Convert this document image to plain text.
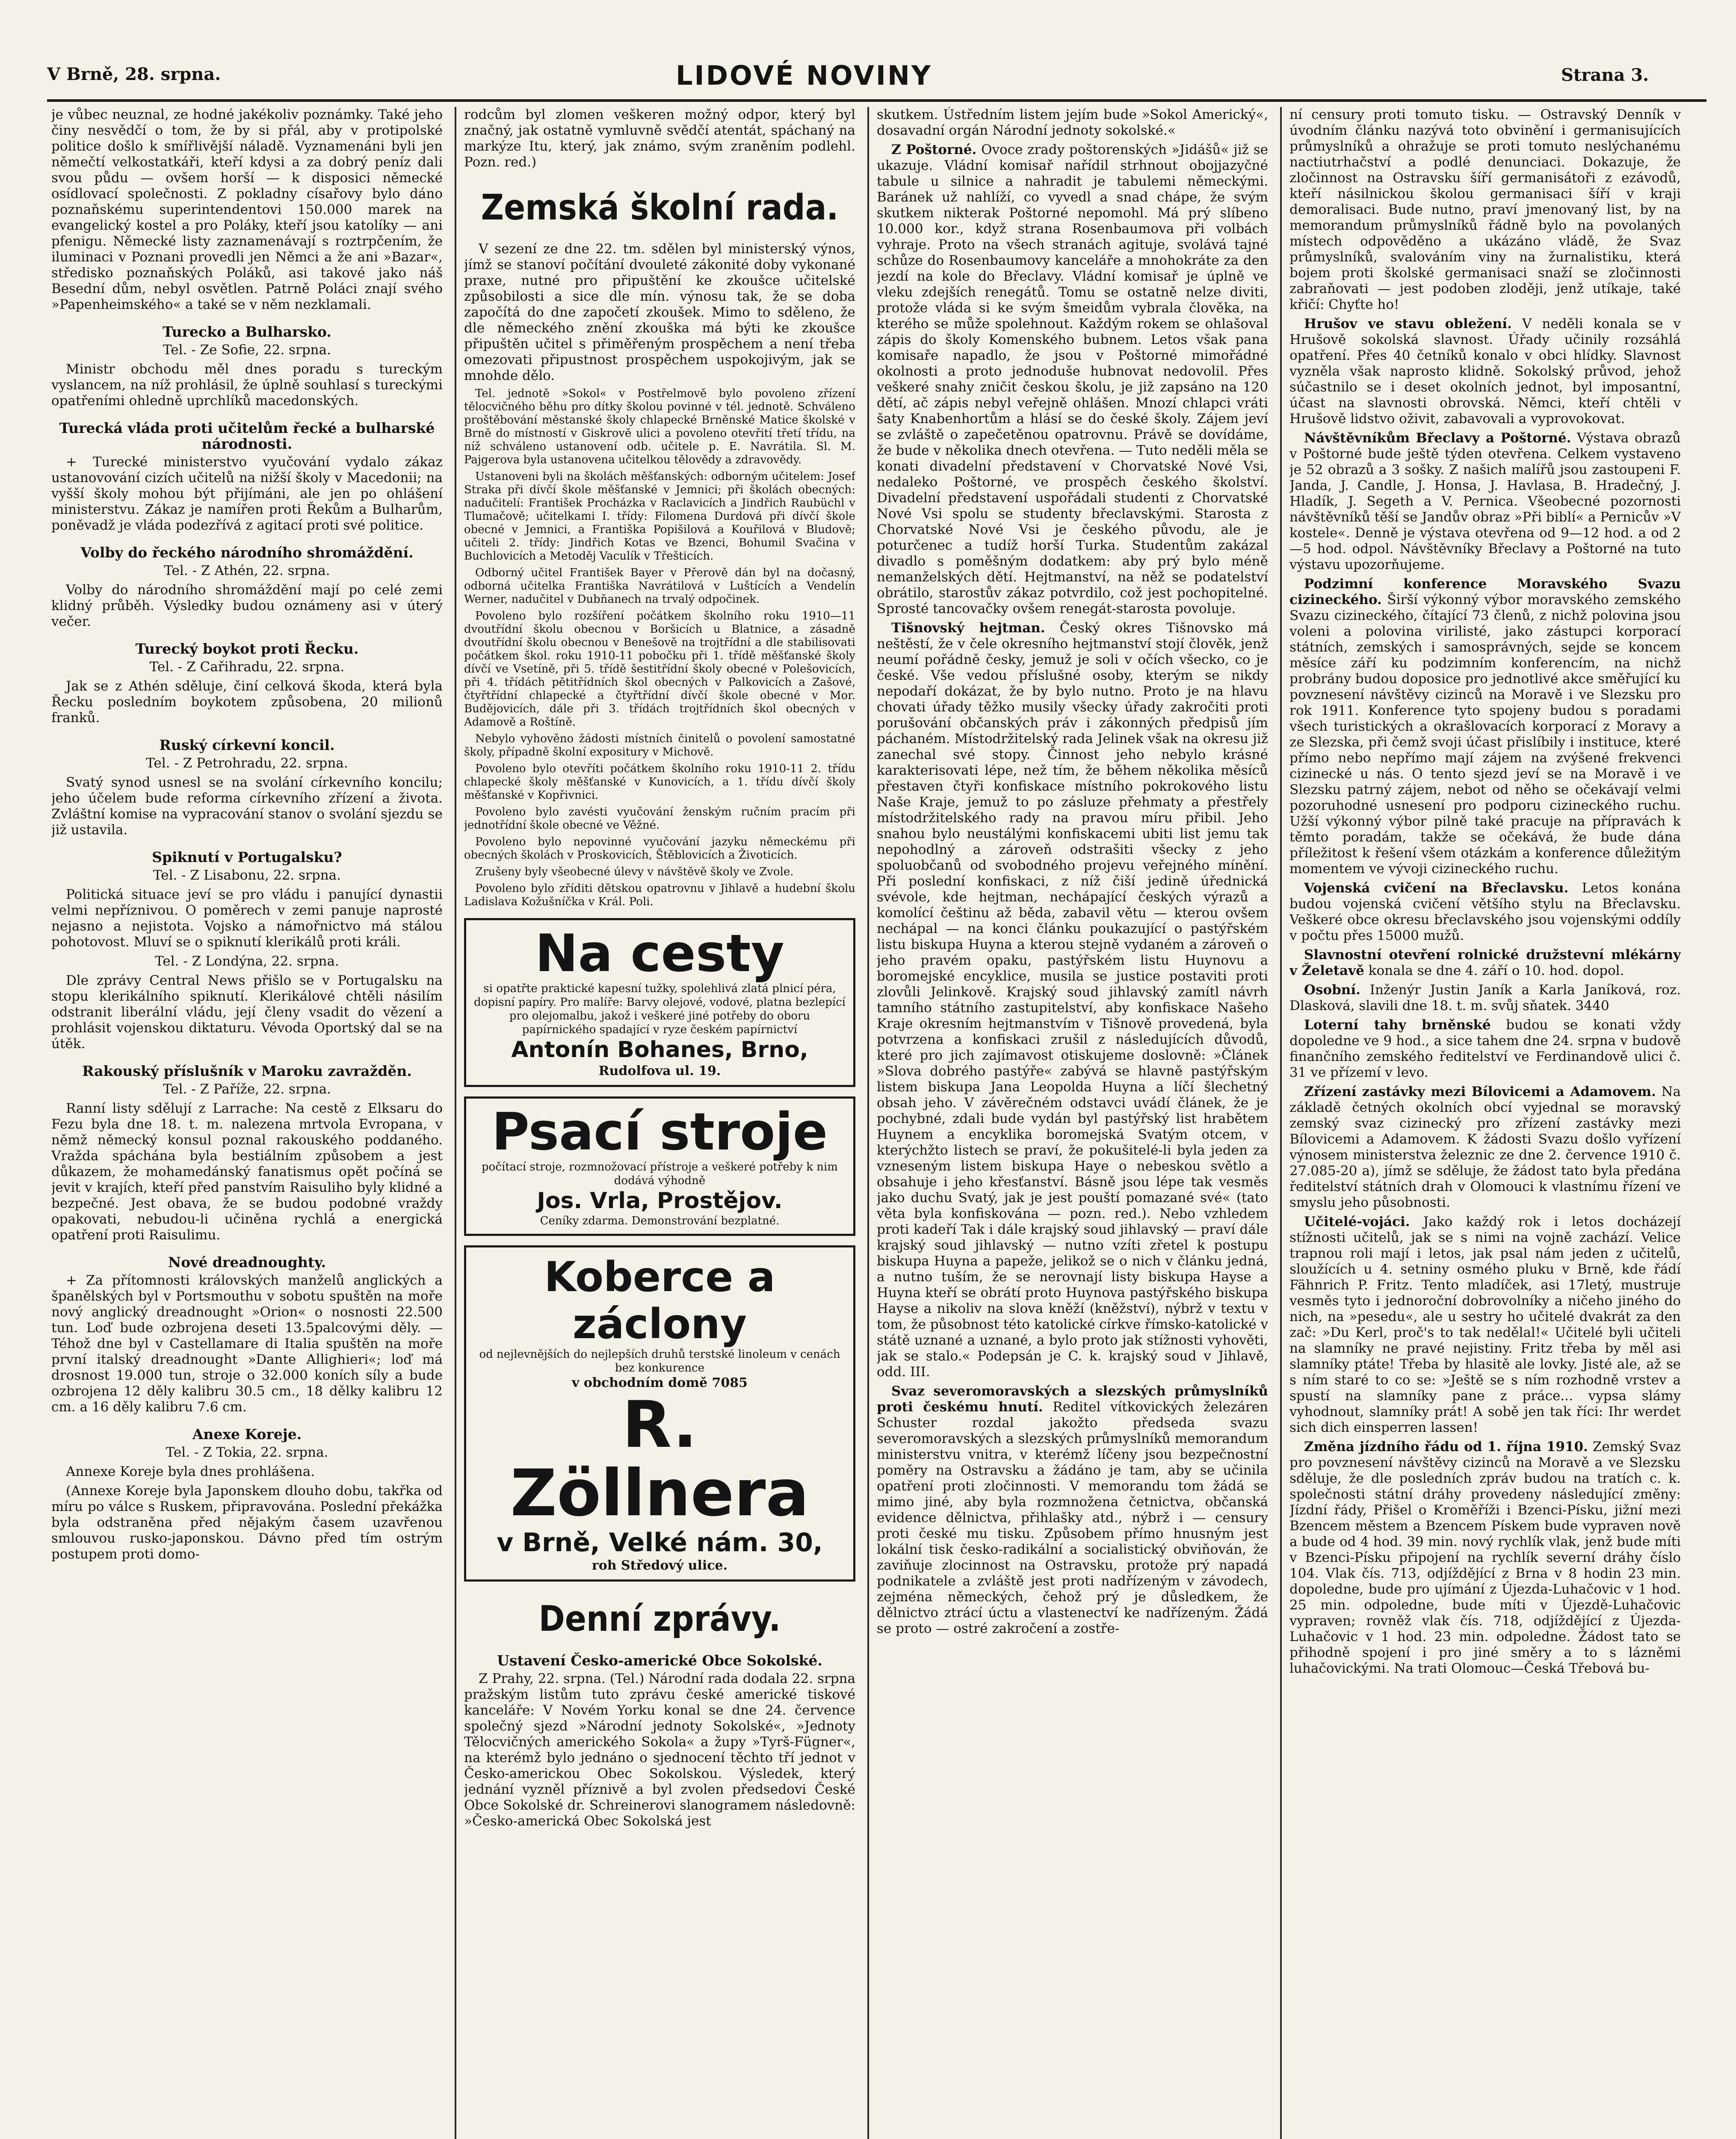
V Brně, 28. srpna.	LIDOVÉ NOVINY	Strana 3.

je vůbec neuznal, ze hodné jakékoliv poznámky. Také jeho činy nesvědčí o tom, že by si přál, aby v protipolské politice došlo k smířlivější náladě. Vyznamenáni byli jen němečtí velkostatkáři, kteří kdysi a za dobrý peníz dali svou půdu — ovšem horší — k disposici německé osídlovací společnosti. Z pokladny císařovy bylo dáno poznaňskému superintendentovi 150.000 marek na evangelický kostel a pro Poláky, kteří jsou katolíky — ani pfenigu. Německé listy zaznamenávají s roztrpčením, že iluminaci v Poznani provedli jen Němci a že ani »Bazar«, středisko poznaňských Poláků, asi takové jako náš Besední dům, nebyl osvětlen. Patrně Poláci znají svého »Papenheimského« a také se v něm nezklamali.

Turecko a Bulharsko.
Tel. - Ze Sofie, 22. srpna.

Ministr obchodu měl dnes poradu s tureckým vyslancem, na níž prohlásil, že úplně souhlasí s tureckými opatřeními ohledně uprchlíků macedonských.

Turecká vláda proti učitelům řecké a bulharské národnosti.

+ Turecké ministerstvo vyučování vydalo zákaz ustanovování cizích učitelů na nižší školy v Macedonii; na vyšší školy mohou být přijímáni, ale jen po ohlášení ministerstvu. Zákaz je namířen proti Řekům a Bulharům, poněvadž je vláda podezřívá z agitací proti své politice.

Volby do řeckého národního shromáždění.
Tel. - Z Athén, 22. srpna.

Volby do národního shromáždění mají po celé zemi klidný průběh. Výsledky budou oznámeny asi v úterý večer.

Turecký boykot proti Řecku.
Tel. - Z Cařihradu, 22. srpna.

Jak se z Athén sděluje, činí celková škoda, která byla Řecku posledním boykotem způsobena, 20 milionů franků.

Ruský církevní koncil.
Tel. - Z Petrohradu, 22. srpna.

Svatý synod usnesl se na svolání církevního koncilu; jeho účelem bude reforma církevního zřízení a života. Zvláštní komise na vypracování stanov o svolání sjezdu se již ustavila.

Spiknutí v Portugalsku?
Tel. - Z Lisabonu, 22. srpna.

Politická situace jeví se pro vládu i panující dynastii velmi nepříznivou. O poměrech v zemi panuje naprosté nejasno a nejistota. Vojsko a námořnictvo má stálou pohotovost. Mluví se o spiknutí klerikálů proti králi.

Tel. - Z Londýna, 22. srpna.

Dle zprávy Central News přišlo se v Portugalsku na stopu klerikálního spiknutí. Klerikálové chtěli násilím odstranit liberální vládu, její členy vsadit do vězení a prohlásit vojenskou diktaturu. Vévoda Oportský dal se na útěk.

Rakouský příslušník v Maroku zavražděn.
Tel. - Z Paříže, 22. srpna.

Ranní listy sdělují z Larrache: Na cestě z Elksaru do Fezu byla dne 18. t. m. nalezena mrtvola Evropana, v němž německý konsul poznal rakouského poddaného. Vražda spáchána byla bestiálním způsobem a jest důkazem, že mohamedánský fanatismus opět počíná se jevit v krajích, kteří před panstvím Raisuliho byly klidné a bezpečné. Jest obava, že se budou podobné vraždy opakovati, nebudou-li učiněna rychlá a energická opatření proti Raisulimu.

Nové dreadnoughty.

+ Za přítomnosti královských manželů anglických a španělských byl v Portsmouthu v sobotu spuštěn na moře nový anglický dreadnought »Orion« o nosnosti 22.500 tun. Loď bude ozbrojena deseti 13.5palcovými děly. — Téhož dne byl v Castellamare di Italia spuštěn na moře první italský dreadnought »Dante Allighieri«; loď má drosnost 19.000 tun, stroje o 32.000 koních síly a bude ozbrojena 12 děly kalibru 30.5 cm., 18 dělky kalibru 12 cm. a 16 děly kalibru 7.6 cm.

Anexe Koreje.
Tel. - Z Tokia, 22. srpna.

Annexe Koreje byla dnes prohlášena.

(Annexe Koreje byla Japonskem dlouho dobu, takřka od míru po válce s Ruskem, připravována. Poslední překážka byla odstraněna před nějakým časem uzavřenou smlouvou rusko-japonskou. Dávno před tím ostrým postupem proti domo-

rodcům byl zlomen veškeren možný odpor, který byl značný, jak ostatně vymluvně svědčí atentát, spáchaný na markýze Itu, který, jak známo, svým zraněním podlehl. Pozn. red.)

Zemská školní rada.

V sezení ze dne 22. tm. sdělen byl ministerský výnos, jímž se stanoví počítání dvouleté zákonité doby vykonané praxe, nutné pro připuštění ke zkoušce učitelské způsobilosti a sice dle mín. výnosu tak, že se doba započítá do dne započetí zkoušek. Mimo to sděleno, že dle německého znění zkouška má býti ke zkoušce připuštěn učitel s přiměřeným prospěchem a není třeba omezovati připustnost prospěchem uspokojivým, jak se mnohde dělo.

Tel. jednotě »Sokol« v Postřelmově bylo povoleno zřízení tělocvičného běhu pro dítky školou povinné v tél. jednotě. Schváleno proštěbování městanské školy chlapecké Brněnské Matice školské v Brně do místností v Giskrově ulici a povoleno otevřití třetí třídu, na níž schváleno ustanovení odb. učitele p. E. Navrátila. Sl. M. Pajgerova byla ustanovena učitelkou tělovědy a zdravovědy.

Ustanoveni byli na školách měšťanských: odborným učitelem: Josef Straka při dívčí škole měšťanské v Jemnici; při školách obecných: nadučitelí: František Procházka v Raclavicích a Jindřich Raubüchl v Tlumačově; učitelkami I. třídy: Filomena Durdová při dívčí škole obecné v Jemnici, a Františka Popišilová a Kouřilová v Bludově; učiteli 2. třídy: Jindřich Kotas ve Bzenci, Bohumil Svačina v Buchlovicích a Metoděj Vaculík v Třešticích.

Odborný učitel František Bayer v Přerově dán byl na dočasný, odborná učitelka Františka Navrátilová v Luštících a Vendelín Werner, nadučitel v Dubňanech na trvalý odpočinek.

Povoleno bylo rozšíření počátkem školního roku 1910—11 dvoutřídní školu obecnou v Boršicích u Blatnice, a zásadně dvoutřídní školu obecnou v Benešově na trojtřídní a dle stabilisovati počátkem škol. roku 1910-11 pobočku při 1. třídě měšťanské školy dívčí ve Vsetíně, při 5. třídě šestitřídní školy obecné v Polešovicích, při 4. třídách pětitřídních škol obecných v Palkovicích a Zašové, čtyřtřídní chlapecké a čtyřtřídní dívčí škole obecné v Mor. Budějovicích, dále při 3. třídách trojtřídních škol obecných v Adamově a Roštíně.

Nebylo vyhověno žádosti místních činitelů o povolení samostatné školy, případně školní expositury v Michově.

Povoleno bylo otevříti počátkem školního roku 1910-11 2. třídu chlapecké školy měšťanské v Kunovicích, a 1. třídu dívčí školy měšťanské v Kopřivnici.

Povoleno bylo zavésti vyučování ženským ručním pracím při jednotřídní škole obecné ve Věžné.

Povoleno bylo nepovinné vyučování jazyku německému při obecných školách v Proskovicích, Štěblovicích a Životicích.

Zrušeny byly všeobecné úlevy v návštěvě školy ve Zvole.

Povoleno bylo zříditi dětskou opatrovnu v Jihlavě a hudební školu Ladislava Kožušníčka v Král. Poli.

Na cesty
si opatřte praktické kapesní tužky, spolehlivá zlatá plnicí péra, dopisní papíry. Pro malíře: Barvy olejové, vodové, platna bezlepící pro olejomalbu, jakož i veškeré jiné potřeby do oboru papírnického spadající v ryze českém papírnictví
Antonín Bohanes, Brno,
Rudolfova ul. 19.
Psací stroje
počítací stroje, rozmnožovací přístroje a veškeré potřeby k nim dodává výhodně
Jos. Vrla, Prostějov.
Ceníky zdarma. Demonstrování bezplatné.
Koberce a záclony
od nejlevnějších do nejlepších druhů terstské linoleum v cenách bez konkurence
v obchodním domě 7085
R. Zöllnera
v Brně, Velké nám. 30,
roh Středový ulice.
Denní zprávy.
Ustavení Česko-americké Obce Sokolské.

Z Prahy, 22. srpna. (Tel.) Národní rada dodala 22. srpna pražským listům tuto zprávu české americké tiskové kanceláře: V Novém Yorku konal se dne 24. července společný sjezd »Národní jednoty Sokolské«, »Jednoty Tělocvičných amerického Sokola« a župy »Tyrš-Fügner«, na kterémž bylo jednáno o sjednocení těchto tří jednot v Česko-americkou Obec Sokolskou. Výsledek, který jednání vyzněl příznivě a byl zvolen předsedovi České Obce Sokolské dr. Schreinerovi slanogramem následovně: »Česko-americká Obec Sokolská jest

skutkem. Ústředním listem jejím bude »Sokol Americký«, dosavadní orgán Národní jednoty sokolské.«

Z Poštorné. Ovoce zrady poštorenských »Jidášů« již se ukazuje. Vládní komisař nařídil strhnout obojjazyčné tabule u silnice a nahradit je tabulemi německými. Baránek už nahlíží, co vyvedl a snad chápe, že svým skutkem nikterak Poštorné nepomohl. Má prý slíbeno 10.000 kor., když strana Rosenbaumova při volbách vyhraje. Proto na všech stranách agituje, svolává tajné schůze do Rosenbaumovy kanceláře a mnohokráte za den jezdí na kole do Břeclavy. Vládní komisař je úplně ve vleku zdejších renegátů. Tomu se ostatně nelze diviti, protože vláda si ke svým šmeidům vybrala člověka, na kterého se může spolehnout. Každým rokem se ohlašoval zápis do školy Komenského bubnem. Letos však pana komisaře napadlo, že jsou v Poštorné mimořádné okolnosti a proto jednoduše hubnovat nedovolil. Přes veškeré snahy zničit českou školu, je již zapsáno na 120 dětí, ač zápis nebyl veřejně ohlášen. Mnozí chlapci vráti šaty Knabenhortům a hlásí se do české školy. Zájem jeví se zvláště o zapečetěnou opatrovnu. Právě se dovídáme, že bude v několika dnech otevřena. — Tuto neděli měla se konati divadelní představení v Chorvatské Nové Vsi, nedaleko Poštorné, ve prospěch českého školství. Divadelní představení uspořádali studenti z Chorvatské Nové Vsi spolu se studenty břeclavskými. Starosta z Chorvatské Nové Vsi je českého původu, ale je poturčenec a tudíž horší Turka. Studentům zakázal divadlo s poměšným dodatkem: aby prý bylo méně nemanželských dětí. Hejtmanství, na něž se podatelství obrátilo, starostův zákaz potvrdilo, což jest pochopitelné. Sprosté tancovačky ovšem renegát-starosta povoluje.

Tišnovský hejtman. Český okres Tišnovsko má neštěstí, že v čele okresního hejtmanství stojí člověk, jenž neumí pořádně česky, jemuž je soli v očích všecko, co je české. Vše vedou příslušné osoby, kterým se nikdy nepodaří dokázat, že by bylo nutno. Proto je na hlavu chovati úřady těžko musily všecky úřady zakročiti proti porušování občanských práv i zákonných předpisů jím páchaném. Místodržitelský rada Jelinek však na okresu již zanechal své stopy. Činnost jeho nebylo krásné karakterisovati lépe, než tím, že během několika měsíců přestaven čtyři konfiskace místního pokrokového listu Naše Kraje, jemuž to po zásluze přehmaty a přestřely místodržitelského rady na pravou míru přibil. Jeho snahou bylo neustálými konfiskacemi ubiti list jemu tak nepohodlný a zároveň odstrašiti všecky z jeho spoluobčanů od svobodného projevu veřejného mínění. Při poslední konfiskaci, z níž čiší jedině úřednická svévole, kde hejtman, nechápající českých výrazů a komolící češtinu až běda, zabavil větu — kterou ovšem nechápal — na konci článku poukazující o pastýřském listu biskupa Huyna a kterou stejně vydaném a zároveň o jeho pravém opaku, pastýřském listu Huynovu a boromejské encyklice, musila se justice postaviti proti zlovůli Jelinkově. Krajský soud jihlavský zamítl návrh tamního státního zastupitelství, aby konfiskace Našeho Kraje okresním hejtmanstvím v Tišnově provedená, byla potvrzena a konfiskaci zrušil z následujících důvodů, které pro jich zajímavost otiskujeme doslovně: »Článek »Slova dobrého pastýře« zabývá se hlavně pastýřským listem biskupa Jana Leopolda Huyna a líčí šlechetný obsah jeho. V závěrečném odstavci uvádí článek, že je pochybné, zdali bude vydán byl pastýřský list hrabětem Huynem a encyklika boromejská Svatým otcem, v kterýchžto listech se praví, že pokušitelé-li byla jeden za vzneseným listem biskupa Haye o nebeskou světlo a obsahuje i jeho křesťanství. Básně jsou lépe tak vesměs jako duchu Svatý, jak je jest pouští pomazané své« (tato věta byla konfiskována — pozn. red.). Nebo vzhledem proti kadeří Tak i dále krajský soud jihlavský — praví dále krajský soud jihlavský — nutno vzíti zřetel k postupu biskupa Huyna a papeže, jelikož se o nich v článku jedná, a nutno tuším, že se nerovnají listy biskupa Hayse a Huyna kteří se obrátí proto Huynova pastýřského biskupa Hayse a nikoliv na slova kněží (kněžství), nýbrž v textu v tom, že působnost této katolické církve římsko-katolické v státě uznané a uznané, a bylo proto jak stížnosti vyhověti, jak se stalo.« Podepsán je C. k. krajský soud v Jihlavě, odd. III.

Svaz severomoravských a slezských průmyslníků proti českému hnutí. Reditel vítkovických železáren Schuster rozdal jakožto předseda svazu severomoravských a slezských průmyslníků memorandum ministerstvu vnitra, v kterémž líčeny jsou bezpečnostní poměry na Ostravsku a žádáno je tam, aby se učinila opatření proti zločinnosti. V memorandu tom žádá se mimo jiné, aby byla rozmnožena četnictva, občanská evidence dělnictva, přihlašky atd., nýbrž i — censury proti české mu tisku. Způsobem přímo hnusným jest lokální tisk česko-radikální a socialistický obviňován, že zaviňuje zlocinnost na Ostravsku, protože prý napadá podnikatele a zvláště jest proti nadřízeným v závodech, zejména německých, čehož prý je důsledkem, že dělnictvo ztrácí úctu a vlastenectví ke nadřízeným. Žádá se proto — ostré zakročení a zostře-

ní censury proti tomuto tisku. — Ostravský Denník v úvodním článku nazývá toto obvinění i germanisujících průmyslníků a ohražuje se proti tomuto neslýchanému nactiutrhačství a podlé denunciaci. Dokazuje, že zločinnost na Ostravsku šíří germanisátoři z ezávodů, kteří násilnickou školou germanisaci šíří v kraji demoralisaci. Bude nutno, praví jmenovaný list, by na memorandum průmyslníků řádně bylo na povolaných místech odpověděno a ukázáno vládě, že Svaz průmyslníků, svalováním viny na žurnalistiku, která bojem proti školské germanisaci snaží se zločinnosti zabraňovati — jest podoben zloději, jenž utíkaje, také křičí: Chyťte ho!

Hrušov ve stavu obležení. V neděli konala se v Hrušově sokolská slavnost. Úřady učinily rozsáhlá opatření. Přes 40 četníků konalo v obci hlídky. Slavnost vyzněla však naprosto klidně. Sokolský průvod, jehož súčastnilo se i deset okolních jednot, byl imposantní, účast na slavnosti obrovská. Němci, kteří chtěli v Hrušově lidstvo oživit, zabavovali a vyprovokovat.

Návštěvníkům Břeclavy a Poštorné. Výstava obrazů v Poštorné bude ještě týden otevřena. Celkem vystaveno je 52 obrazů a 3 sošky. Z našich malířů jsou zastoupeni F. Janda, J. Candle, J. Honsa, J. Havlasa, B. Hradečný, J. Hladík, J. Segeth a V. Pernica. Všeobecné pozornosti návštěvníků těší se Jandův obraz »Při biblí« a Pernicův »V kostele«. Denně je výstava otevřena od 9—12 hod. a od 2—5 hod. odpol. Návštěvníky Břeclavy a Poštorné na tuto výstavu upozorňujeme.

Podzimní konference Moravského Svazu cizineckého. Širší výkonný výbor moravského zemského Svazu cizineckého, čítající 73 členů, z nichž polovina jsou voleni a polovina virilisté, jako zástupci korporací státních, zemských i samosprávných, sejde se koncem měsíce září ku podzimním konferencím, na nichž probrány budou doposice pro jednotlivé akce směřující ku povznesení návštěvy cizinců na Moravě i ve Slezsku pro rok 1911. Konference tyto spojeny budou s poradami všech turistických a okrašlovacích korporací z Moravy a ze Slezska, při čemž svoji účast přislíbily i instituce, které přímo nebo nepřímo mají zájem na zvýšené frekvenci cizinecké u nás. O tento sjezd jeví se na Moravě i ve Slezsku patrný zájem, nebot od něho se očekávají velmi pozoruhodné usnesení pro podporu cizineckého ruchu. Užší výkonný výbor pilně také pracuje na přípravách k těmto poradám, takže se očekává, že bude dána příležitost k řešení všem otázkám a konference důležitým momentem ve vývoji cizineckého ruchu.

Vojenská cvičení na Břeclavsku. Letos konána budou vojenská cvičení většího stylu na Břeclavsku. Veškeré obce okresu břeclavského jsou vojenskými oddíly v počtu přes 15000 mužů.

Slavnostní otevření rolnické družstevní mlékárny v Želetavě konala se dne 4. září o 10. hod. dopol.

Osobní. Inženýr Justin Janík a Karla Janíková, roz. Dlasková, slavili dne 18. t. m. svůj sňatek. 3440

Loterní tahy brněnské budou se konati vždy dopoledne ve 9 hod., a sice tahem dne 24. srpna v budově finančního zemského ředitelství ve Ferdinandově ulici č. 31 ve přízemí v levo.

Zřízení zastávky mezi Bílovicemi a Adamovem. Na základě četných okolních obcí vyjednal se moravský zemský svaz cizinecký pro zřízení zastávky mezi Bílovicemi a Adamovem. K žádosti Svazu došlo vyřízení výnosem ministerstva železnic ze dne 2. července 1910 č. 27.085-20 a), jímž se sděluje, že žádost tato byla předána ředitelství státních drah v Olomouci k vlastnímu řízení ve smyslu jeho působnosti.

Učitelé-vojáci. Jako každý rok i letos docházejí stížnosti učitelů, jak se s nimi na vojně zachází. Velice trapnou roli mají i letos, jak psal nám jeden z učitelů, sloužících u 4. setniny osmého pluku v Brně, kde řádí Fähnrich P. Fritz. Tento mladíček, asi 17letý, mustruje vesměs tyto i jednoroční dobrovolníky a ničeho jiného do nich, na »pesedu«, ale u sestry ho učitelé dvakrát za den zač: »Du Kerl, proč's to tak nedělal!« Učitelé byli učiteli na slamníky ne pravé nejistiny. Fritz třeba by měl asi slamníky ptáte! Třeba by hlasitě ale lovky. Jisté ale, až se s ním staré to co se: »Ještě se s ním rozhodně vrstev a spustí na slamníky pane z práce... vypsa slámy vyhodnout, slamníky prát! A sobě jen tak říci: Ihr werdet sich dich einsperren lassen!

Změna jízdního řádu od 1. října 1910. Zemský Svaz pro povznesení návštěvy cizinců na Moravě a ve Slezsku sděluje, že dle posledních zpráv budou na tratích c. k. společnosti státní dráhy provedeny následující změny: Jízdní řády, Přišel o Kroměříži i Bzenci-Písku, jižní mezi Bzencem městem a Bzencem Pískem bude vypraven nově a bude od 4 hod. 39 min. nový rychlík vlak, jenž bude míti v Bzenci-Písku připojení na rychlík severní dráhy číslo 104. Vlak čís. 713, odjíždějící z Brna v 8 hodin 23 min. dopoledne, bude pro ujímání z Újezda-Luhačovic v 1 hod. 25 min. odpoledne, bude míti v Újezdě-Luhačovic vypraven; rovněž vlak čís. 718, odjíždějící z Újezda-Luhačovic v 1 hod. 23 min. odpoledne. Žádost tato se přihodně spojení i pro jiné směry a to s lázněmi luhačovickými. Na trati Olomouc—Česká Třebová bu-
